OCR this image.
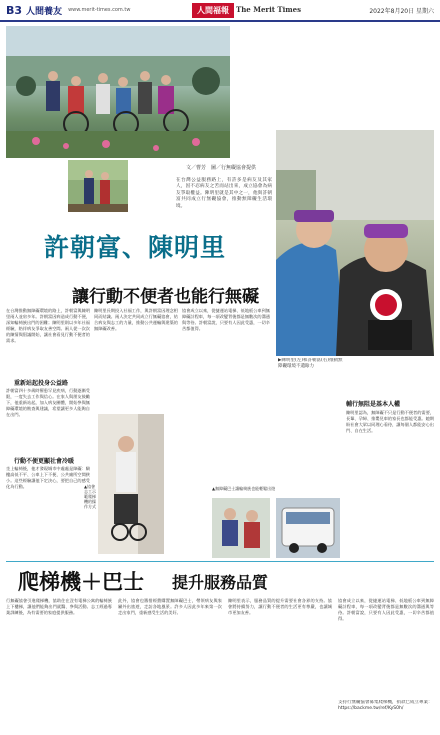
B3 人間養友 www.merit-times.com.tw	人間福報	The Merit Times	2022年8月20日 星期六
文／曹芳　圖／行無礙協會提供
在台灣公益服務路上，有許多是病友及其家人，因不忍病友之苦而站出來，成立協會為病友爭取權益。陳明里就是其中之一，他與許朝富共同成立行無礙協會，推動無障礙生活環境。
許朝富、陳明里
讓行動不便者也能行無礙
在台灣推動無障礙環境的路上，許朝富與陳明里兩人並肩多年。許朝富因病造成行動不便，深知輪椅族出門的困難；陳明里則以多年社福經驗，陪伴病友爭取友善空間。兩人從一次次的陳情與倡議開始，讓社會看見行動不便者的需求。
重新站起投身公益路
許朝富四十多歲時罹患罕見疾病，行動逐漸受限，一度失去工作與信心。在家人與朋友鼓勵下，他重新站起，加入病友團體，開始參與無障礙環境的勘查與建議，希望讓更多人能夠自在出門。
行動不便更顯社會冷暖
坐上輪椅後，他才發現城市中處處是障礙：騎樓高低不平、公車上下不便、公共廁所空間狹小。這些經驗讓他下定決心，要把自己的感受化為行動。
陳明里長期投入社福工作，與許朝富因理念相同而結識。兩人決定共同成立行無礙協會，結合病友與志工的力量，推動公共運輸與建築的無障礙改善。
協會成立以來，從捷運站電梯、低地板公車到無障礙計程車，每一項改變背後都是無數次的溝通與等待。許朝富說，只要有人因此受惠，一切辛苦都值得。
▶陳明里(左)和許朝富(右)推動無障礙環境不遺餘力
輔行無阻是基本人權
陳明里認為，無障礙不只是行動不便者的需要，長輩、孕婦、推嬰兒車的家長也都能受惠。她期盼社會大眾以同理心看待，讓每個人都能安心出門、自在生活。
▲協會志工示範爬梯機的操作方式
▲無障礙巴士讓輪椅族也能輕鬆出遊
爬梯機＋巴士 提升服務品質
行無礙協會引進爬梯機，協助住在沒有電梯公寓的輪椅族上下樓梯，讓他們能夠出門就醫、參與活動。志工經過專業訓練後，為有需要的家庭提供服務。
此外，協會也籌措經費購置無障礙巴士，帶領病友與家屬外出旅遊，走訪各地風景。許多人因此多年來第一次走出家門，重新感受生活的美好。
陳明里表示，服務品質的提升需要社會各界的支持。協會將持續努力，讓行動不便者的生活更有尊嚴，也讓城市更加友善。
協會成立以來，從捷運站電梯、低地板公車到無障礙計程車，每一項改變背後都是無數次的溝通與等待。許朝富說，只要有人因此受惠，一切辛苦都值得。
支持行無礙協會募集爬梯機，捐款已成立專案：https://backme.tw/ref/KyS0h/
